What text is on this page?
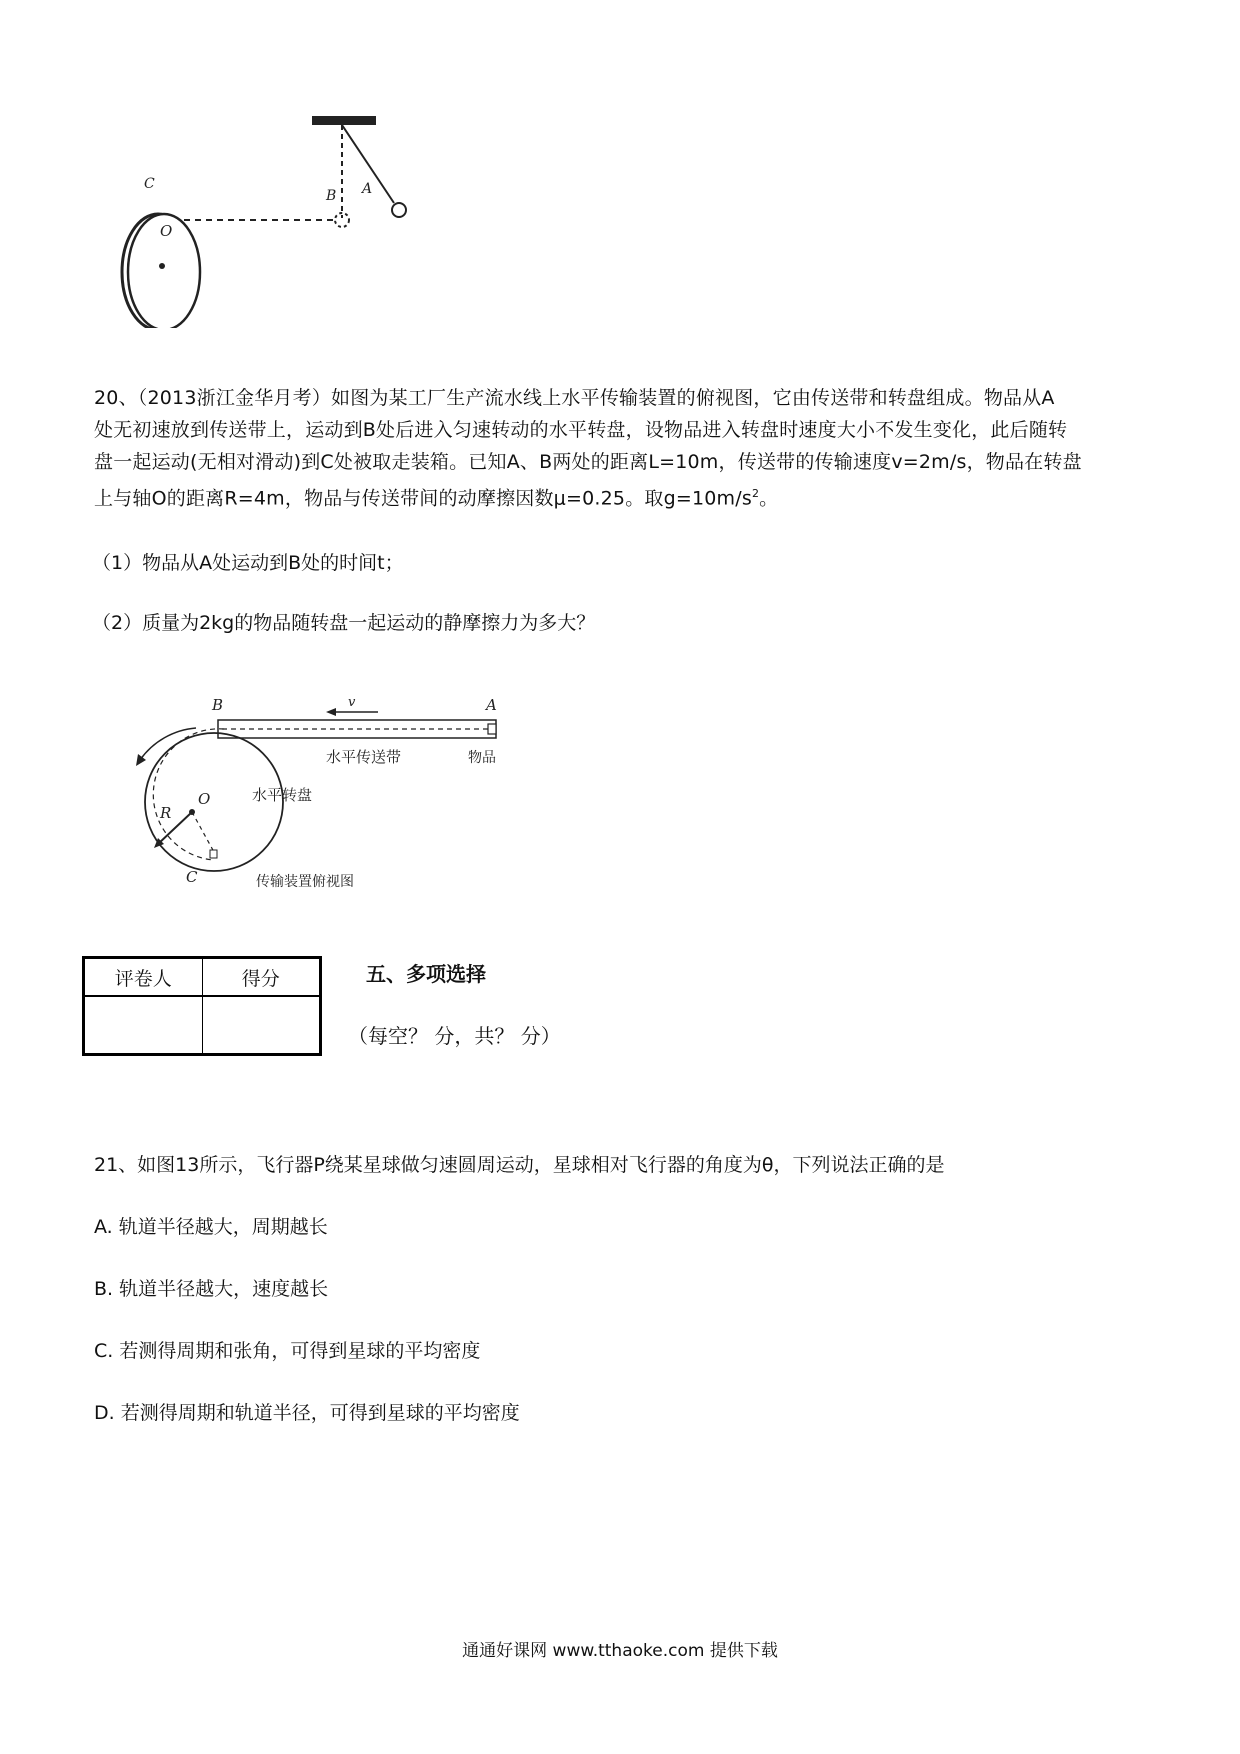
C
O
B A
20、（2013浙江金华月考）如图为某工厂生产流水线上水平传输装置的俯视图，它由传送带和转盘组成。物品从A
处无初速放到传送带上，运动到B处后进入匀速转动的水平转盘，设物品进入转盘时速度大小不发生变化，此后随转
盘一起运动(无相对滑动)到C处被取走装箱。已知A、B两处的距离L=10m，传送带的传输速度v=2m/s，物品在转盘
上与轴O的距离R=4m，物品与传送带间的动摩擦因数μ=0.25。取$g=10m/s^2$。
（1）物品从A处运动到B处的时间t；
（2）质量为2kg的物品随转盘一起运动的静摩擦力为多大？
B	A
v
物品
水平传送带
O
R
水平转盘
C	传输装置俯视图
评卷人	得分
		五、多项选择
（每空？ 分，共？ 分）
21、如图13所示，飞行器P绕某星球做匀速圆周运动，星球相对飞行器的角度为θ，下列说法正确的是
A. 轨道半径越大，周期越长
B. 轨道半径越大，速度越长
C. 若测得周期和张角，可得到星球的平均密度
D. 若测得周期和轨道半径，可得到星球的平均密度
通通好课网 www.tthaoke.com 提供下载
